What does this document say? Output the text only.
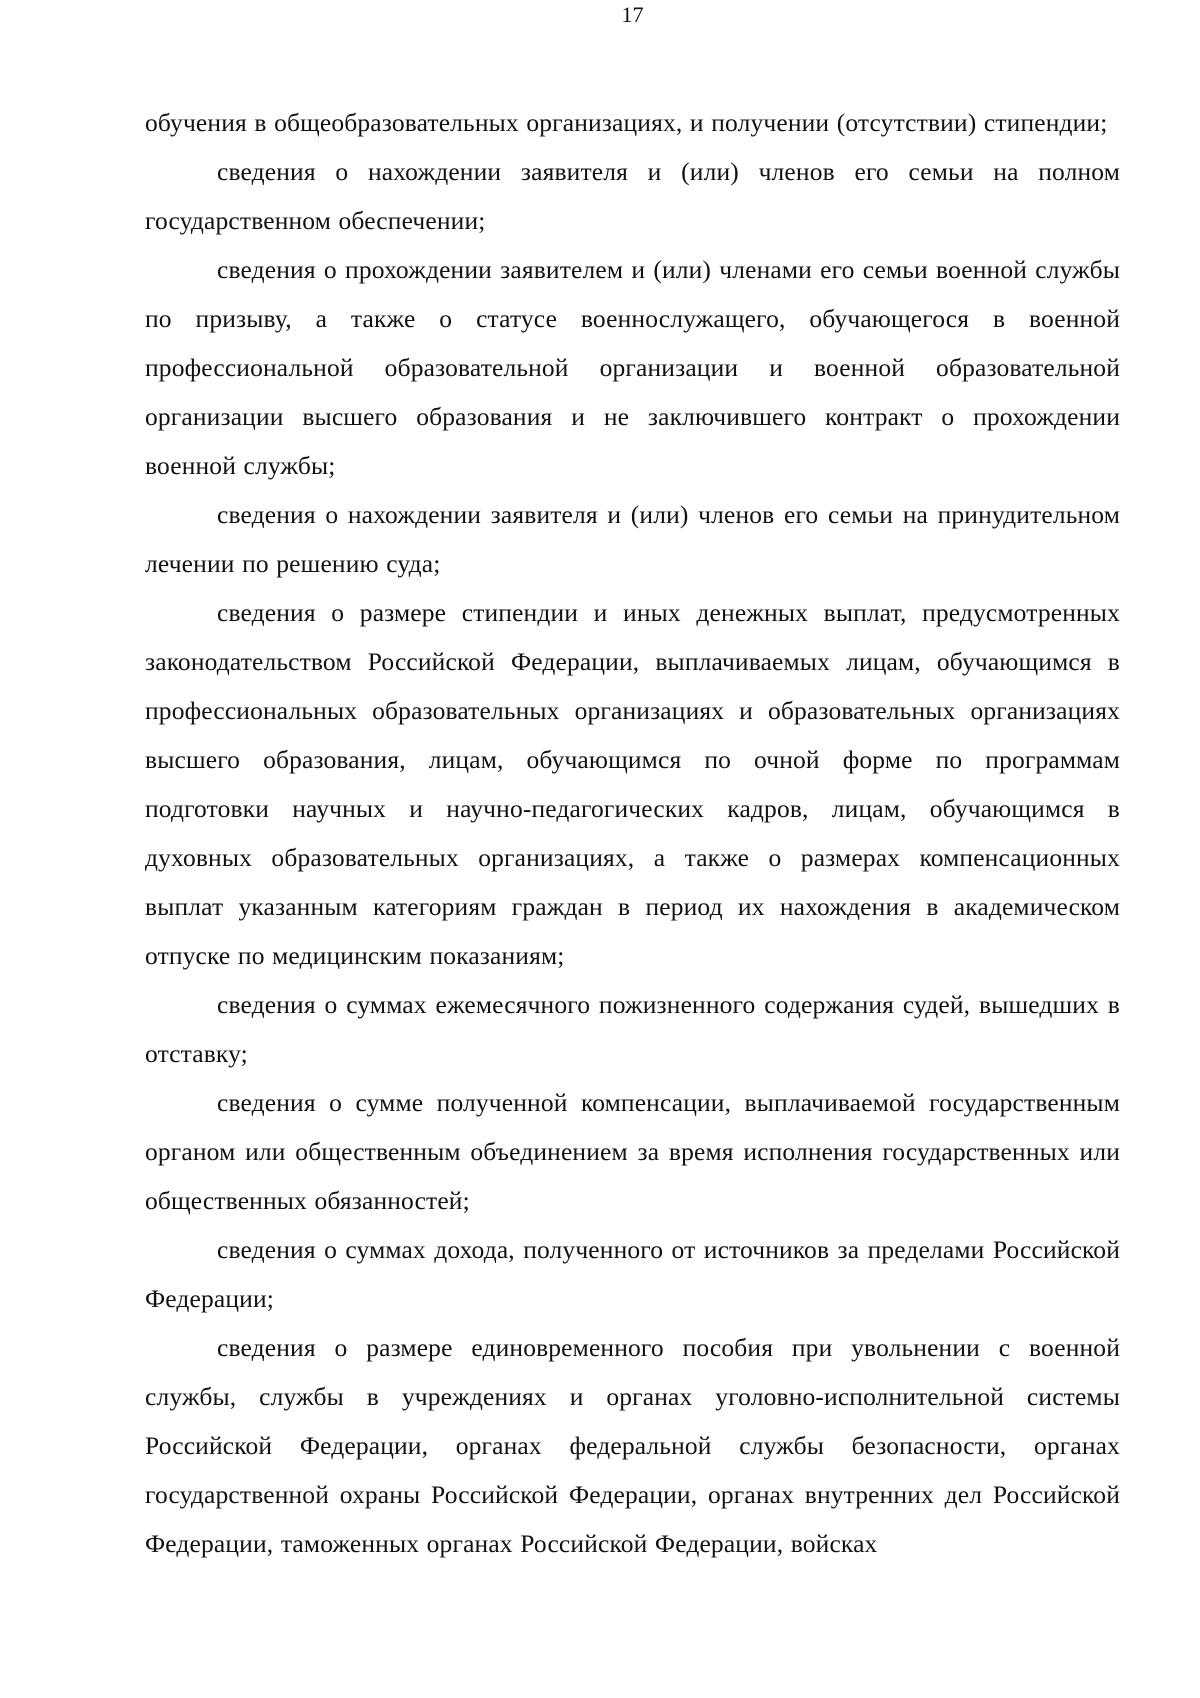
17

обучения в общеобразовательных организациях, и получении (отсутствии) стипендии;

сведения о нахождении заявителя и (или) членов его семьи на полном государственном обеспечении;

сведения о прохождении заявителем и (или) членами его семьи военной службы по призыву, а также о статусе военнослужащего, обучающегося в военной профессиональной образовательной организации и военной образовательной организации высшего образования и не заключившего контракт о прохождении военной службы;

сведения о нахождении заявителя и (или) членов его семьи на принудительном лечении по решению суда;

сведения о размере стипендии и иных денежных выплат, предусмотренных законодательством Российской Федерации, выплачиваемых лицам, обучающимся в профессиональных образовательных организациях и образовательных организациях высшего образования, лицам, обучающимся по очной форме по программам подготовки научных и научно-педагогических кадров, лицам, обучающимся в духовных образовательных организациях, а также о размерах компенсационных выплат указанным категориям граждан в период их нахождения в академическом отпуске по медицинским показаниям;

сведения о суммах ежемесячного пожизненного содержания судей, вышедших в отставку;

сведения о сумме полученной компенсации, выплачиваемой государственным органом или общественным объединением за время исполнения государственных или общественных обязанностей;

сведения о суммах дохода, полученного от источников за пределами Российской Федерации;

сведения о размере единовременного пособия при увольнении с военной службы, службы в учреждениях и органах уголовно-исполнительной системы Российской Федерации, органах федеральной службы безопасности, органах государственной охраны Российской Федерации, органах внутренних дел Российской Федерации, таможенных органах Российской Федерации, войсках
